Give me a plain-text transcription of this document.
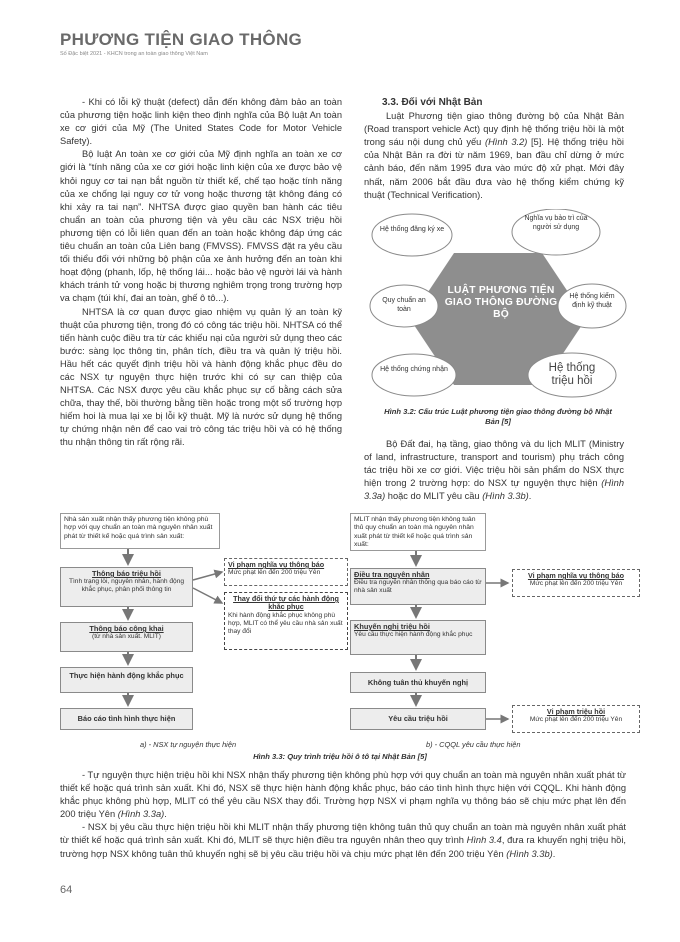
PHƯƠNG TIỆN GIAO THÔNG
Số Đặc biệt 2021 - KHCN trong an toàn giao thông Việt Nam

- Khi có lỗi kỹ thuật (defect) dẫn đến không đảm bảo an toàn của phương tiện hoặc linh kiện theo định nghĩa của Bộ luật An toàn xe cơ giới của Mỹ (The United States Code for Motor Vehicle Safety).

Bộ luật An toàn xe cơ giới của Mỹ định nghĩa an toàn xe cơ giới là “tính năng của xe cơ giới hoặc linh kiện của xe được bảo vệ khỏi nguy cơ tai nạn bắt nguồn từ thiết kế, chế tạo hoặc tính năng của xe chống lại nguy cơ tử vong hoặc thương tật không đáng có khi xảy ra tai nạn”. NHTSA được giao quyền ban hành các tiêu chuẩn an toàn của phương tiện và yêu cầu các NSX triệu hồi phương tiện có lỗi liên quan đến an toàn hoặc không đáp ứng các tiêu chuẩn an toàn của Liên bang (FMVSS). FMVSS đặt ra yêu cầu tối thiểu đối với những bộ phận của xe ảnh hưởng đến an toàn khi hoạt động (phanh, lốp, hệ thống lái... hoặc bảo vệ người lái và hành khách tránh tử vong hoặc bị thương nghiêm trọng trong trường hợp va chạm (túi khí, đai an toàn, ghế ô tô...).

NHTSA là cơ quan được giao nhiệm vụ quản lý an toàn kỹ thuật của phương tiện, trong đó có công tác triệu hồi. NHTSA có thể tiến hành cuộc điều tra từ các khiếu nại của người sử dụng theo các bước: sàng lọc thông tin, phân tích, điều tra và quản lý triệu hồi. Hầu hết các quyết định triệu hồi và hành động khắc phục đều do các NSX tự nguyện thực hiện trước khi có sự can thiệp của NHTSA. Các NSX được yêu cầu khắc phục sự cố bằng cách sửa chữa, thay thế, bồi thường bằng tiền hoặc trong một số trường hợp hiếm hoi là mua lại xe bị lỗi kỹ thuật. Mỹ là nước sử dụng hệ thống tự chứng nhận nên để cao vai trò công tác triệu hồi và có hệ thống thu nhận thông tin rất rộng rãi.

3.3. Đối với Nhật Bản

Luật Phương tiện giao thông đường bộ của Nhật Bản (Road transport vehicle Act) quy định hệ thống triệu hồi là một trong sáu nội dung chủ yếu (Hình 3.2) [5]. Hệ thống triệu hồi của Nhật Bản ra đời từ năm 1969, ban đầu chỉ dừng ở mức cảnh báo, đến năm 1995 đưa vào mức độ xử phạt. Mới đây nhất, năm 2006 bắt đầu đưa vào hệ thống kiểm chứng kỹ thuật (Technical Verification).

LUẬT PHƯƠNG TIỆN GIAO THÔNG ĐƯỜNG BỘ
Hệ thống đăng ký xe
Nghĩa vụ bảo trì của người sử dụng
Quy chuẩn an toàn
Hệ thống kiểm định kỹ thuật
Hệ thống chứng nhận	Hệ thống triệu hồi
Hình 3.2: Cấu trúc Luật phương tiện giao thông đường bộ Nhật Bản [5]

Bộ Đất đai, hạ tầng, giao thông và du lịch MLIT (Ministry of land, infrastructure, transport and tourism) phụ trách công tác triệu hồi xe cơ giới. Việc triệu hồi sản phẩm do NSX thực hiện trong 2 trường hợp: do NSX tự nguyện thực hiện (Hình 3.3a) hoặc do MLIT yêu cầu (Hình 3.3b).

Nhà sản xuất nhận thấy phương tiện không phù hợp với quy chuẩn an toàn mà nguyên nhân xuất phát từ thiết kế hoặc quá trình sản xuất:
Thông báo triệu hồi
Tình trạng lỗi, nguyên nhân, hành động khắc phục, phân phối thông tin
Thông báo công khai
(từ nhà sản xuất. MLIT)
Thực hiện hành động khắc phục
Báo cáo tình hình thực hiện
Vi phạm nghĩa vụ thông báo
Mức phạt lên đến 200 triệu Yên
Thay đổi thứ tự các hành động khắc phục
Khi hành động khắc phục không phù hợp, MLIT có thể yêu cầu nhà sản xuất thay đổi
MLIT nhận thấy phương tiện không tuân thủ quy chuẩn an toàn mà nguyên nhân xuất phát từ thiết kế hoặc quá trình sản xuất:
Điều tra nguyên nhân
Điều tra nguyên nhân thông qua báo cáo từ nhà sản xuất
Khuyến nghị triệu hồi
Yêu cầu thực hiện hành động khắc phục
Không tuân thủ khuyến nghị
Yêu cầu triệu hồi
Vi phạm nghĩa vụ thông báo
Mức phạt lên đến 200 triệu Yên
Vi phạm triệu hồi
Mức phạt lên đến 200 triệu Yên
a) - NSX tự nguyện thực hiện	b) - CQQL yêu cầu thực hiện
Hình 3.3: Quy trình triệu hồi ô tô tại Nhật Bản [5]

- Tự nguyện thực hiện triệu hồi khi NSX nhận thấy phương tiện không phù hợp với quy chuẩn an toàn mà nguyên nhân xuất phát từ thiết kế hoặc quá trình sản xuất. Khi đó, NSX sẽ thực hiện hành động khắc phục, báo cáo tình hình thực hiện với CQQL. Khi hành động khắc phục không phù hợp, MLIT có thể yêu cầu NSX thay đổi. Trường hợp NSX vi phạm nghĩa vụ thông báo sẽ chịu mức phạt lên đến 200 triệu Yên (Hình 3.3a).

- NSX bị yêu cầu thực hiện triệu hồi khi MLIT nhận thấy phương tiện không tuân thủ quy chuẩn an toàn mà nguyên nhân xuất phát từ thiết kế hoặc quá trình sản xuất. Khi đó, MLIT sẽ thực hiện điều tra nguyên nhân theo quy trình Hình 3.4, đưa ra khuyến nghị triệu hồi, trường hợp NSX không tuân thủ khuyến nghị sẽ bị yêu cầu triệu hồi và chịu mức phạt lên đến 200 triệu Yên (Hình 3.3b).

64
